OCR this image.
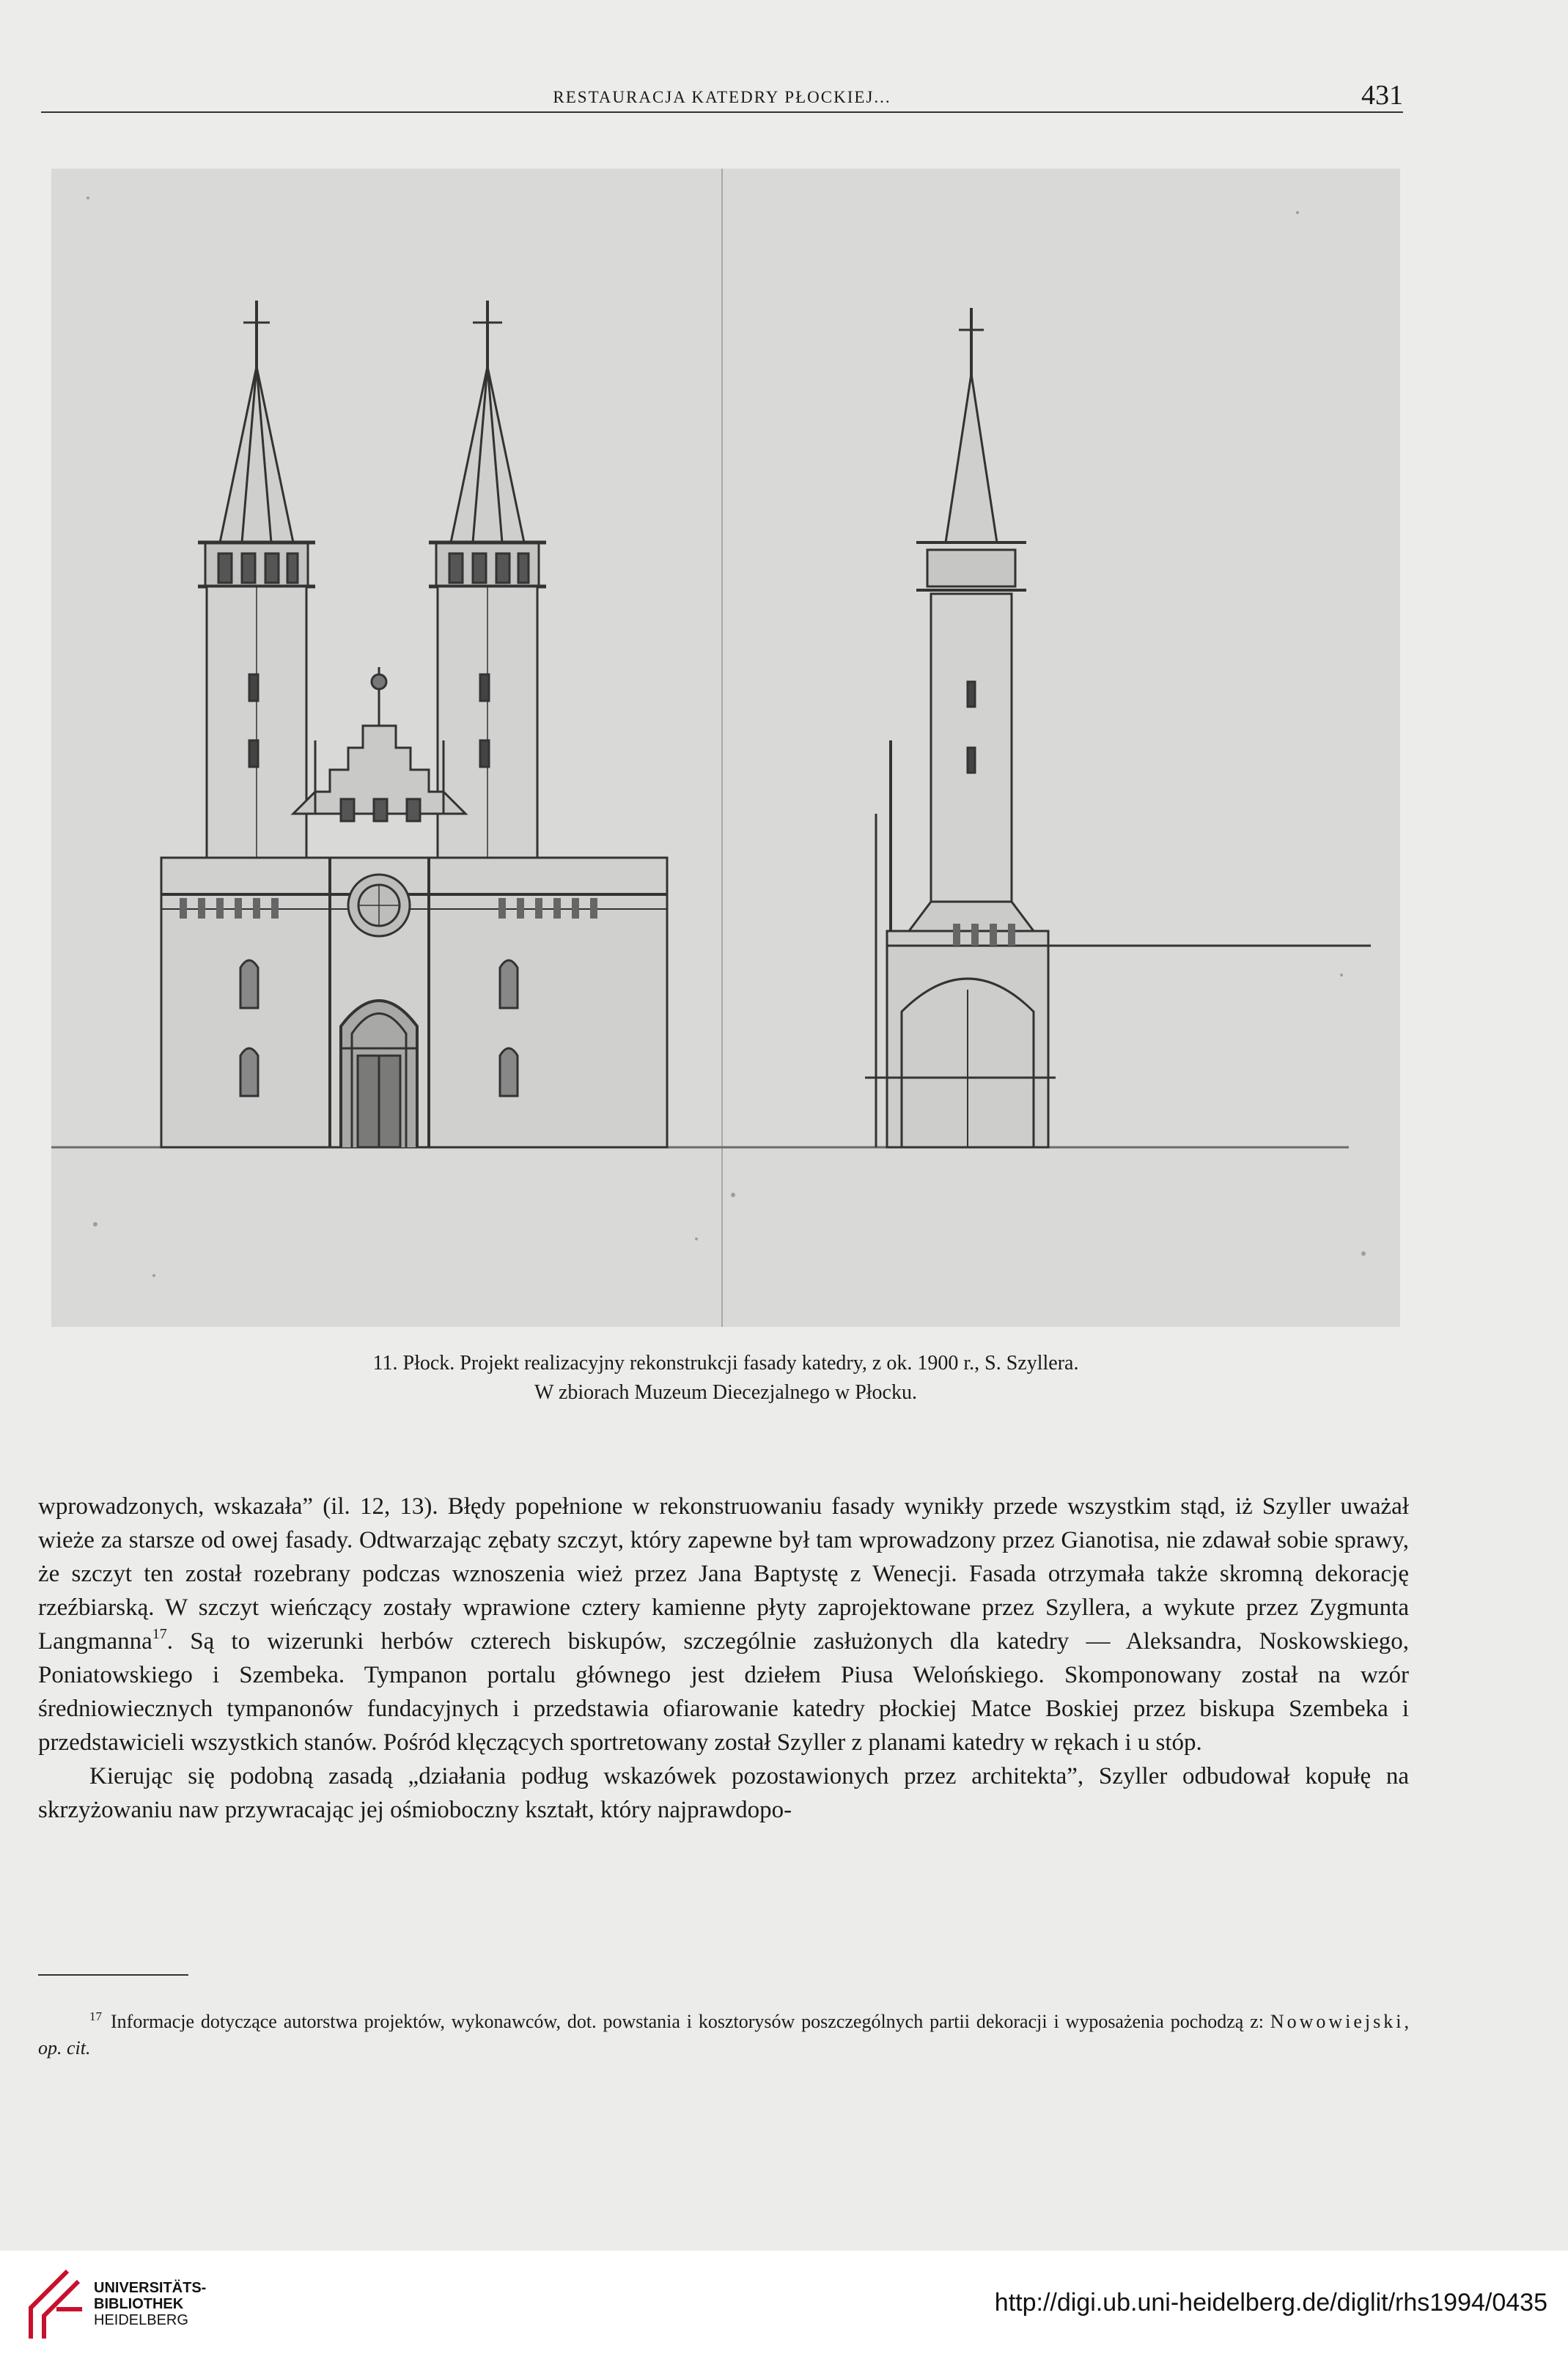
RESTAURACJA KATEDRY PŁOCKIEJ...	431
11. Płock. Projekt realizacyjny rekonstrukcji fasady katedry, z ok. 1900 r., S. Szyllera.
W zbiorach Muzeum Diecezjalnego w Płocku.

wprowadzonych, wskazała” (il. 12, 13). Błędy popełnione w rekonstruowaniu fasady wynikły przede wszystkim stąd, iż Szyller uważał wieże za starsze od owej fasady. Odtwarzając zębaty szczyt, który zapewne był tam wprowadzony przez Gianotisa, nie zdawał sobie sprawy, że szczyt ten został rozebrany podczas wznoszenia wież przez Jana Baptystę z Wenecji. Fasada otrzymała także skromną dekorację rzeźbiarską. W szczyt wieńczący zostały wprawione cztery kamienne płyty zaprojektowane przez Szyllera, a wykute przez Zygmunta Langmanna$^{17}$. Są to wizerunki herbów czterech biskupów, szczególnie zasłużonych dla katedry — Aleksandra, Noskowskiego, Poniatowskiego i Szembeka. Tympanon portalu głównego jest dziełem Piusa Welońskiego. Skomponowany został na wzór średniowiecznych tympanonów fundacyjnych i przedstawia ofiarowanie katedry płockiej Matce Boskiej przez biskupa Szembeka i przedstawicieli wszystkich stanów. Pośród klęczących sportretowany został Szyller z planami katedry w rękach i u stóp.

Kierując się podobną zasadą „działania podług wskazówek pozostawionych przez architekta”, Szyller odbudował kopułę na skrzyżowaniu naw przywracając jej ośmioboczny kształt, który najprawdopo-

$^{17}$ Informacje dotyczące autorstwa projektów, wykonawców, dot. powstania i kosztorysów poszczególnych partii dekoracji i wyposażenia pochodzą z: Nowowiejski, op. cit.
UNIVERSITÄTS-
BIBLIOTHEK
HEIDELBERG
http://digi.ub.uni-heidelberg.de/diglit/rhs1994/0435
